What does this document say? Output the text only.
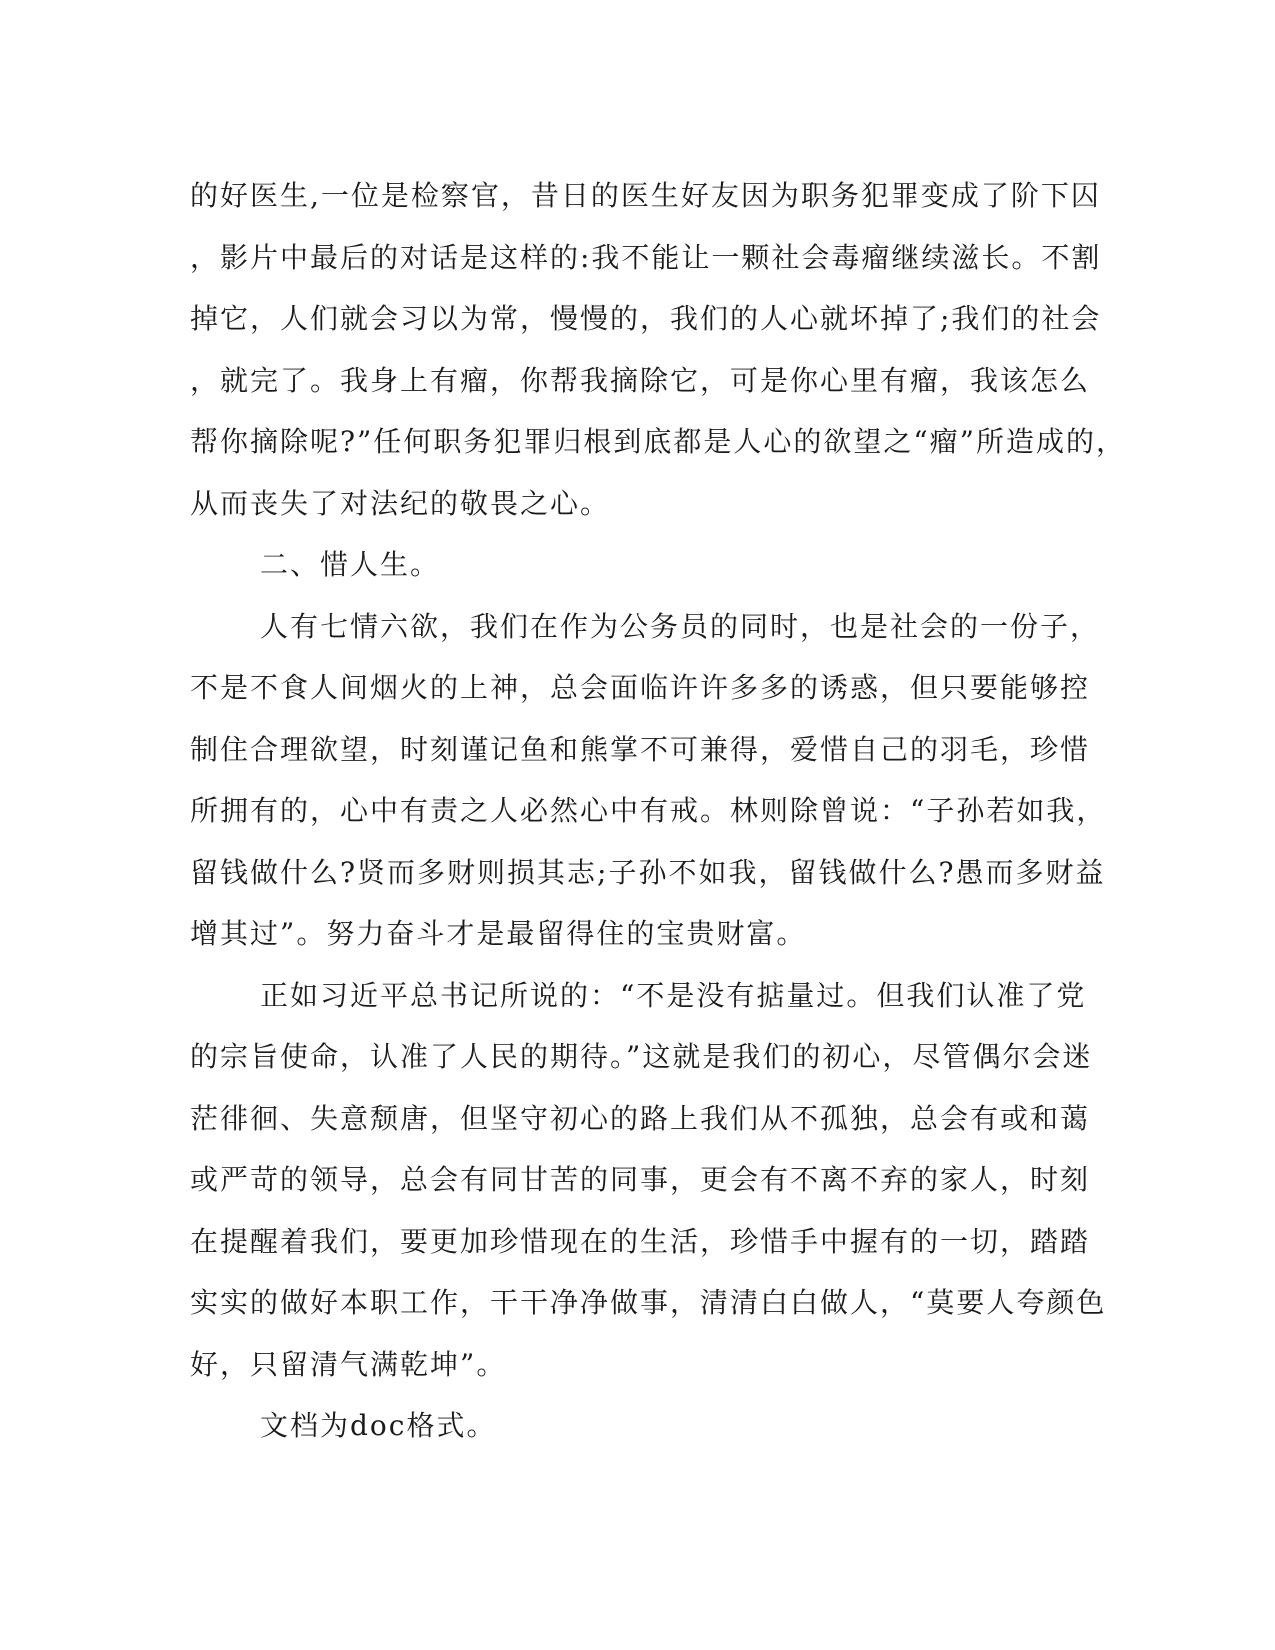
的好医生,一位是检察官，昔日的医生好友因为职务犯罪变成了阶下囚
，影片中最后的对话是这样的:我不能让一颗社会毒瘤继续滋长。不割
掉它，人们就会习以为常，慢慢的，我们的人心就坏掉了;我们的社会
，就完了。我身上有瘤，你帮我摘除它，可是你心里有瘤，我该怎么
帮你摘除呢?”任何职务犯罪归根到底都是人心的欲望之“瘤”所造成的，
从而丧失了对法纪的敬畏之心。
二、惜人生。
人有七情六欲，我们在作为公务员的同时，也是社会的一份子，
不是不食人间烟火的上神，总会面临许许多多的诱惑，但只要能够控
制住合理欲望，时刻谨记鱼和熊掌不可兼得，爱惜自己的羽毛，珍惜
所拥有的，心中有责之人必然心中有戒。林则除曾说：“子孙若如我，
留钱做什么?贤而多财则损其志;子孙不如我，留钱做什么?愚而多财益
增其过”。努力奋斗才是最留得住的宝贵财富。
正如习近平总书记所说的：“不是没有掂量过。但我们认准了党
的宗旨使命，认准了人民的期待。”这就是我们的初心，尽管偶尔会迷
茫徘徊、失意颓唐，但坚守初心的路上我们从不孤独，总会有或和蔼
或严苛的领导，总会有同甘苦的同事，更会有不离不弃的家人，时刻
在提醒着我们，要更加珍惜现在的生活，珍惜手中握有的一切，踏踏
实实的做好本职工作，干干净净做事，清清白白做人，“莫要人夸颜色
好，只留清气满乾坤”。
文档为doc格式。
